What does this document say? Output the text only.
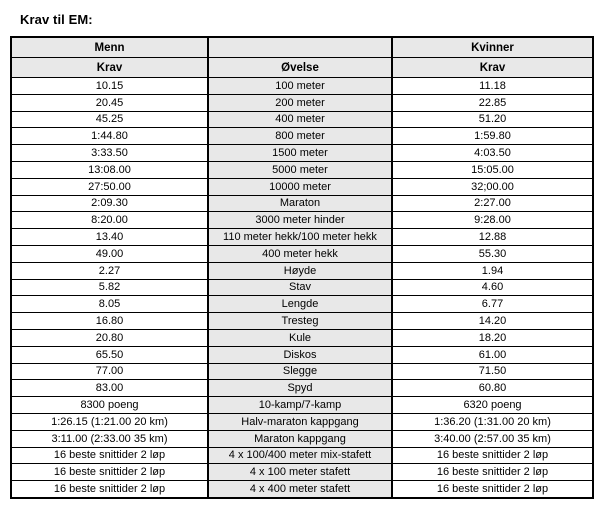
Krav til EM:
Menn		Kvinner
Krav	Øvelse	Krav
10.15	100 meter	11.18
20.45	200 meter	22.85
45.25	400 meter	51.20
1:44.80	800 meter	1:59.80
3:33.50	1500 meter	4:03.50
13:08.00	5000 meter	15:05.00
27:50.00	10000 meter	32;00.00
2:09.30	Maraton	2:27.00
8:20.00	3000 meter hinder	9:28.00
13.40	110 meter hekk/100 meter hekk	12.88
49.00	400 meter hekk	55.30
2.27	Høyde	1.94
5.82	Stav	4.60
8.05	Lengde	6.77
16.80	Tresteg	14.20
20.80	Kule	18.20
65.50	Diskos	61.00
77.00	Slegge	71.50
83.00	Spyd	60.80
8300 poeng	10-kamp/7-kamp	6320 poeng
1:26.15 (1:21.00 20 km)	Halv-maraton kappgang	1:36.20 (1:31.00 20 km)
3:11.00 (2:33.00 35 km)	Maraton kappgang	3:40.00 (2:57.00 35 km)
16 beste snittider 2 løp	4 x 100/400 meter mix-stafett	16 beste snittider 2 løp
16 beste snittider 2 løp	4 x 100 meter stafett	16 beste snittider 2 løp
16 beste snittider 2 løp	4 x 400 meter stafett	16 beste snittider 2 løp
